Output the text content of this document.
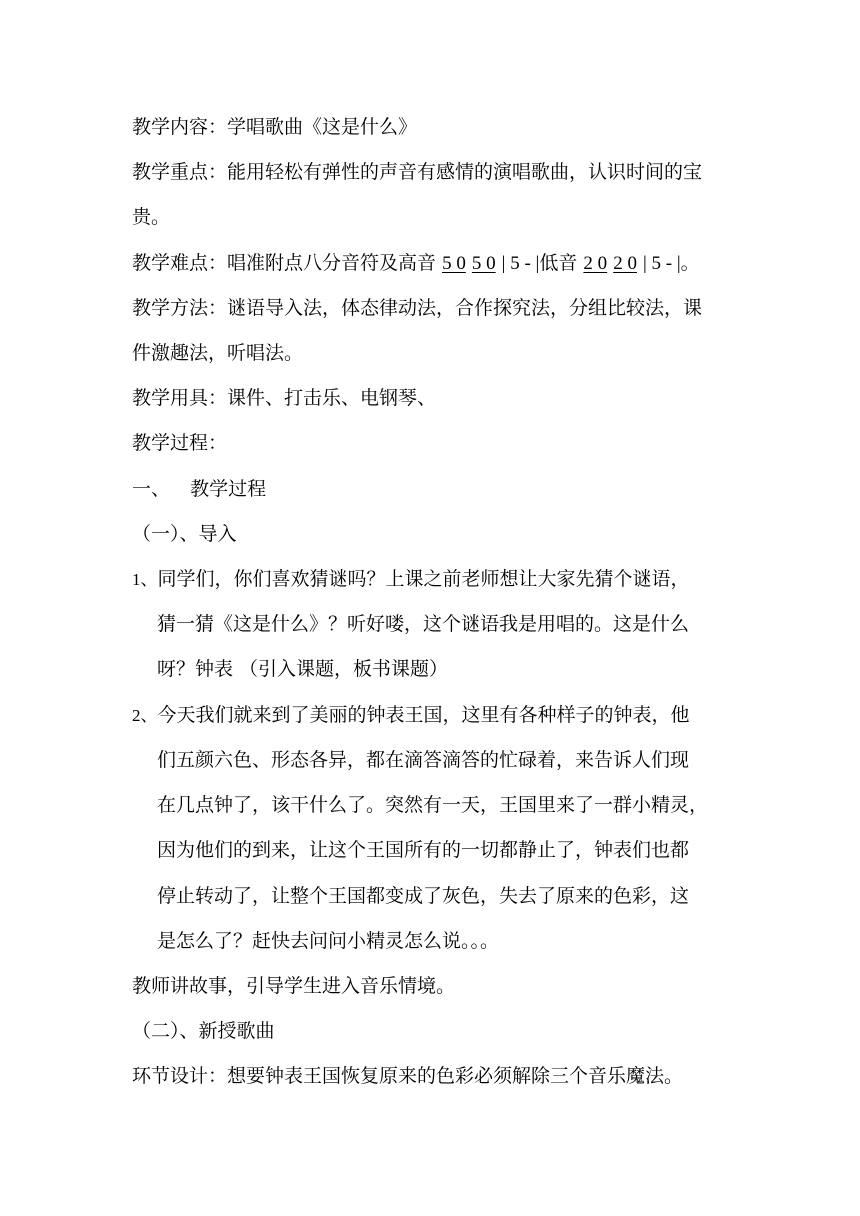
教学内容：学唱歌曲《这是什么》
教学重点：能用轻松有弹性的声音有感情的演唱歌曲，认识时间的宝
贵。
教学难点：唱准附点八分音符及高音 5 0 5 0 | 5 - |低音 2 0 2 0 | 5 - |。
教学方法：谜语导入法，体态律动法，合作探究法，分组比较法，课
件激趣法，听唱法。
教学用具：课件、打击乐、电钢琴、
教学过程：
一、 教学过程
（一）、导入
1、同学们，你们喜欢猜谜吗？上课之前老师想让大家先猜个谜语，
猜一猜《这是什么》？听好喽，这个谜语我是用唱的。这是什么
呀？钟表 （引入课题，板书课题）
2、今天我们就来到了美丽的钟表王国，这里有各种样子的钟表，他
们五颜六色、形态各异，都在滴答滴答的忙碌着，来告诉人们现
在几点钟了，该干什么了。突然有一天，王国里来了一群小精灵，
因为他们的到来，让这个王国所有的一切都静止了，钟表们也都
停止转动了，让整个王国都变成了灰色，失去了原来的色彩，这
是怎么了？赶快去问问小精灵怎么说。。。
教师讲故事，引导学生进入音乐情境。
（二）、新授歌曲
环节设计：想要钟表王国恢复原来的色彩必须解除三个音乐魔法。
